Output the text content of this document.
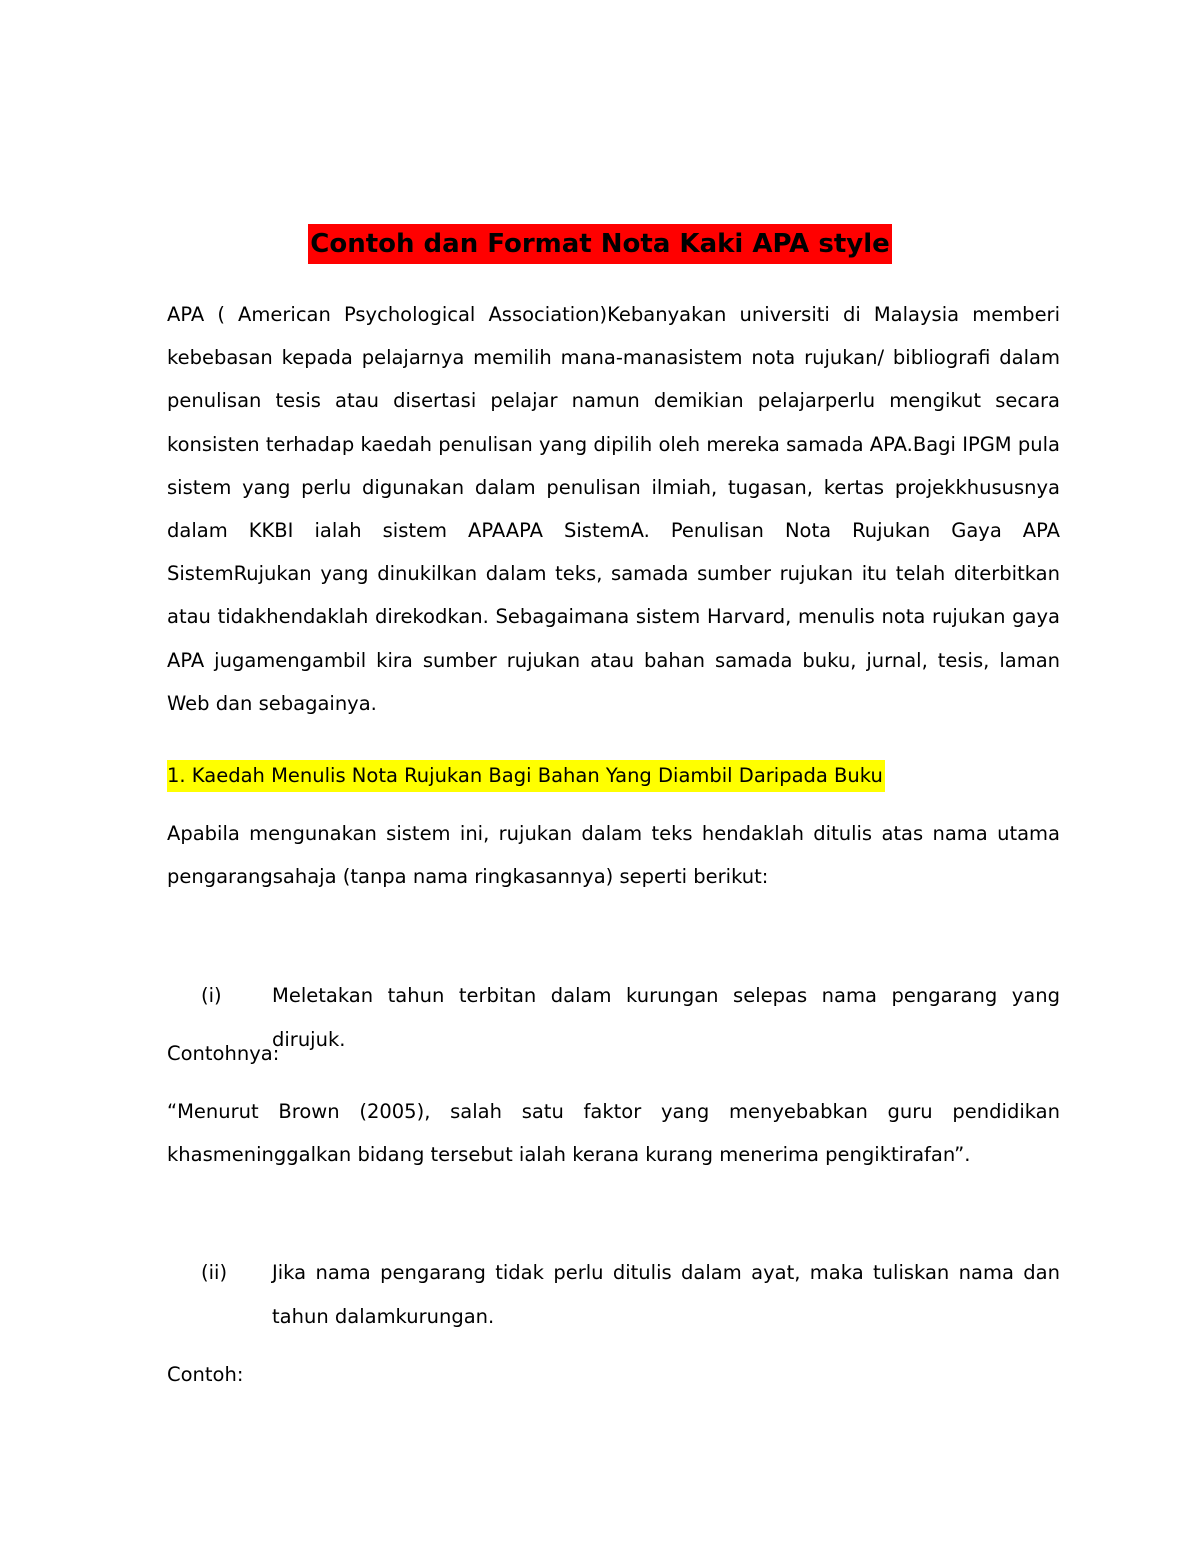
Contoh dan Format Nota Kaki APA style

APA ( American Psychological Association)Kebanyakan universiti di Malaysia memberi kebebasan kepada pelajarnya memilih mana-manasistem nota rujukan/ bibliografi dalam penulisan tesis atau disertasi pelajar namun demikian pelajarperlu mengikut secara konsisten terhadap kaedah penulisan yang dipilih oleh mereka samada APA.Bagi IPGM pula sistem yang perlu digunakan dalam penulisan ilmiah, tugasan, kertas projekkhususnya dalam KKBI ialah sistem APAAPA SistemA. Penulisan Nota Rujukan Gaya APA SistemRujukan yang dinukilkan dalam teks, samada sumber rujukan itu telah diterbitkan atau tidakhendaklah direkodkan. Sebagaimana sistem Harvard, menulis nota rujukan gaya APA jugamengambil kira sumber rujukan atau bahan samada buku, jurnal, tesis, laman Web dan sebagainya.

1. Kaedah Menulis Nota Rujukan Bagi Bahan Yang Diambil Daripada Buku

Apabila mengunakan sistem ini, rujukan dalam teks hendaklah ditulis atas nama utama pengarangsahaja (tanpa nama ringkasannya) seperti berikut:

(i)	Meletakan tahun terbitan dalam kurungan selepas nama pengarang yang dirujuk.
Contohnya:

“Menurut Brown (2005), salah satu faktor yang menyebabkan guru pendidikan khasmeninggalkan bidang tersebut ialah kerana kurang menerima pengiktirafan”.

(ii) Jika nama pengarang tidak perlu ditulis dalam ayat, maka tuliskan nama dan tahun dalamkurungan.
Contoh:
